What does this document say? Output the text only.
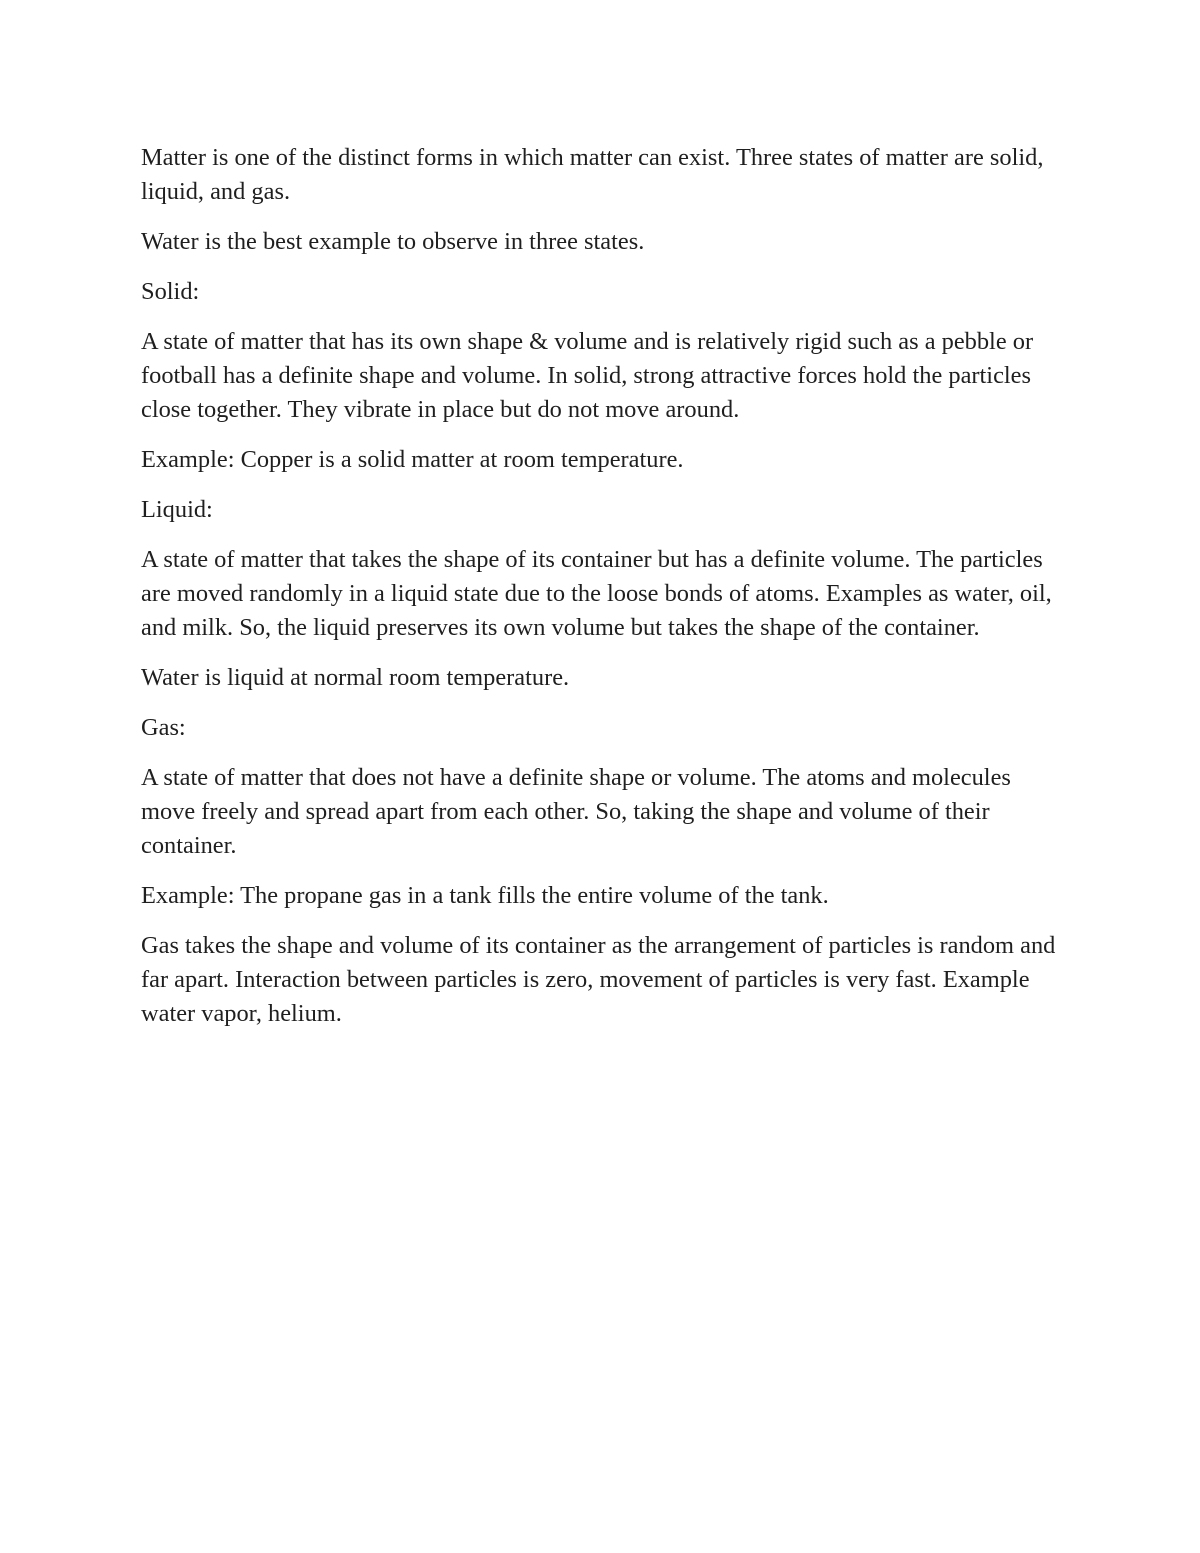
Matter is one of the distinct forms in which matter can exist. Three states of matter are solid, liquid, and gas.

Water is the best example to observe in three states.

Solid:

A state of matter that has its own shape & volume and is relatively rigid such as a pebble or football has a definite shape and volume. In solid, strong attractive forces hold the particles close together. They vibrate in place but do not move around.

Example: Copper is a solid matter at room temperature.

Liquid:

A state of matter that takes the shape of its container but has a definite volume. The particles are moved randomly in a liquid state due to the loose bonds of atoms. Examples as water, oil, and milk. So, the liquid preserves its own volume but takes the shape of the container.

Water is liquid at normal room temperature.

Gas:

A state of matter that does not have a definite shape or volume. The atoms and molecules move freely and spread apart from each other. So, taking the shape and volume of their container.

Example: The propane gas in a tank fills the entire volume of the tank.

Gas takes the shape and volume of its container as the arrangement of particles is random and far apart. Interaction between particles is zero, movement of particles is very fast. Example water vapor, helium.
